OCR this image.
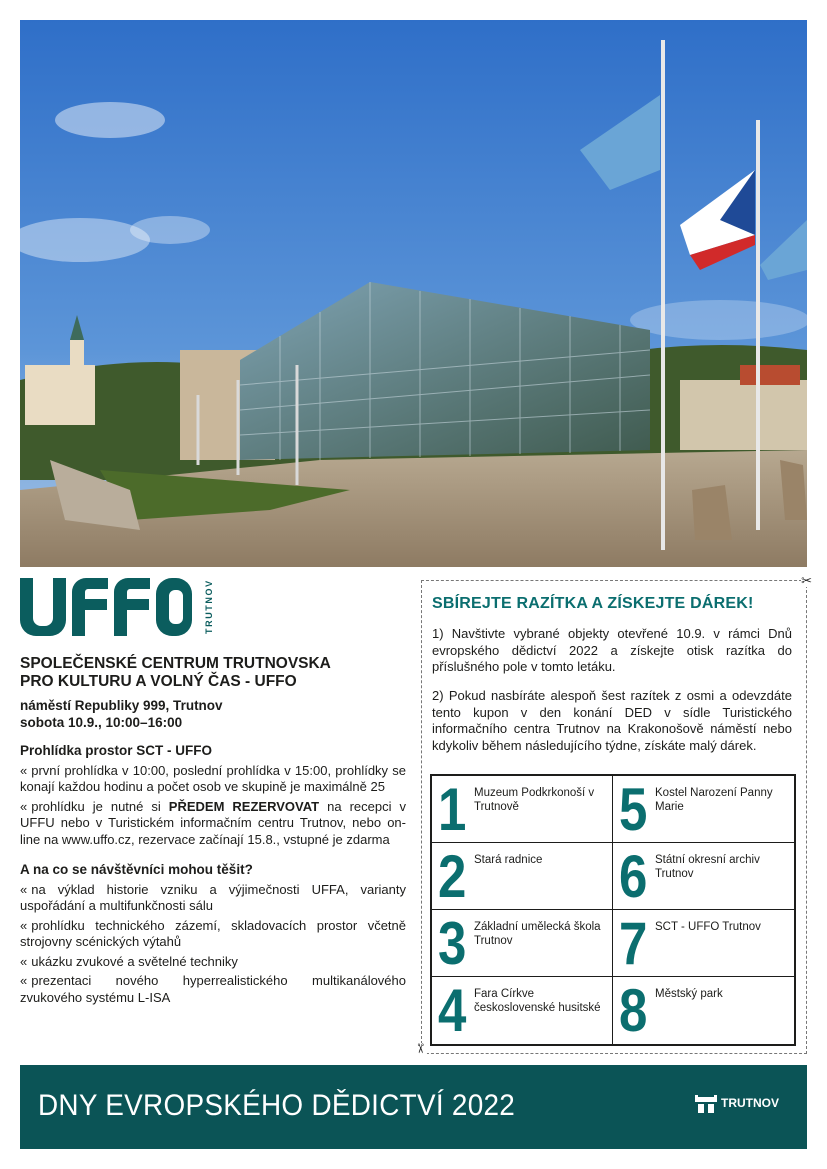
TRUTNOV
SPOLEČENSKÉ CENTRUM TRUTNOVSKA
PRO KULTURU A VOLNÝ ČAS - UFFO
náměstí Republiky 999, Trutnov
sobota 10.9., 10:00–16:00
Prohlídka prostor SCT - UFFO
« první prohlídka v 10:00, poslední prohlídka v 15:00, prohlídky se konají každou hodinu a počet osob ve skupině je maximálně 25
« prohlídku je nutné si PŘEDEM REZERVOVAT na recepci v UFFU nebo v Turistickém informačním centru Trutnov, nebo on-line na www.uffo.cz, rezervace začínají 15.8., vstupné je zdarma
A na co se návštěvníci mohou těšit?
« na výklad historie vzniku a výjimečnosti UFFA, varianty uspořádání a multifunkčnosti sálu
« prohlídku technického zázemí, skladovacích prostor včetně strojovny scénických výtahů
« ukázku zvukové a světelné techniky
« prezentaci nového hyperrealistického multikanálového zvukového systému L-ISA
✂
✂
SBÍREJTE RAZÍTKA A ZÍSKEJTE DÁREK!
1) Navštivte vybrané objekty otevřené 10.9. v rámci Dnů evropského dědictví 2022 a získejte otisk razítka do příslušného pole v tomto letáku.
2) Pokud nasbíráte alespoň šest razítek z osmi a odevzdáte tento kupon v den konání DED v sídle Turistického informačního centra Trutnov na Krakonošově náměstí nebo kdykoliv během následujícího týdne, získáte malý dárek.
1 Muzeum Podkrkonoší v Trutnově	5 Kostel Narození Panny Marie
2 Stará radnice	6 Státní okresní archiv Trutnov
3 Základní umělecká škola Trutnov	7 SCT - UFFO Trutnov
4 Fara Církve československé husitské 8 Městský park
DNY EVROPSKÉHO DĚDICTVÍ 2022	TRUTNOV
